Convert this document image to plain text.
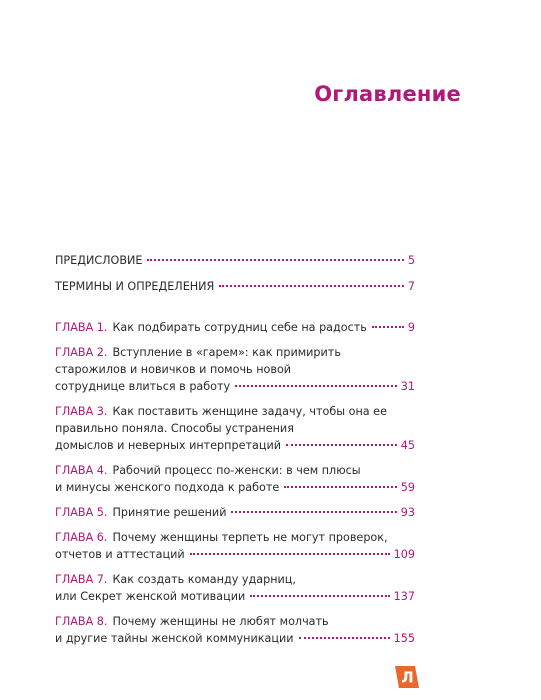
Оглавление
ПРЕДИСЛОВИЕ	5
ТЕРМИНЫ И ОПРЕДЕЛЕНИЯ	7
ГЛАВА 1. Как подбирать сотрудниц себе на радость	9
ГЛАВА 2. Вступление в «гарем»: как примирить
старожилов и новичков и помочь новой
сотруднице влиться в работу	31
ГЛАВА 3. Как поставить женщине задачу, чтобы она ее
правильно поняла. Способы устранения
домыслов и неверных интерпретаций	45
ГЛАВА 4. Рабочий процесс по-женски: в чем плюсы
и минусы женского подхода к работе	59
ГЛАВА 5. Принятие решений	93
ГЛАВА 6. Почему женщины терпеть не могут проверок,
отчетов и аттестаций	109
ГЛАВА 7. Как создать команду ударниц,
или Секрет женской мотивации	137
ГЛАВА 8. Почему женщины не любят молчать
и другие тайны женской коммуникации	155
Л
